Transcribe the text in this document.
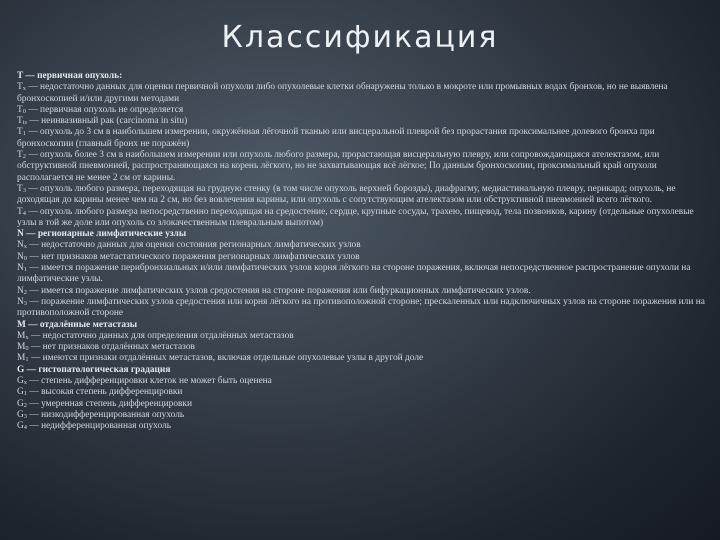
Классификация
T — первичная опухоль:
$T_x$ — недостаточно данных для оценки первичной опухоли либо опухолевые клетки обнаружены только в мокроте или промывных водах бронхов, но не выявлена бронхоскопией и/или другими методами
$T_0$ — первичная опухоль не определяется
$T_{is}$ — неинвазивный рак (carcinoma in situ)
$T_1$ — опухоль до 3 см в наибольшем измерении, окружённая лёгочной тканью или висцеральной плеврой без прорастания проксимальнее долевого бронха при бронхоскопии (главный бронх не поражён)
$T_2$ — опухоль более 3 см в наибольшем измерении или опухоль любого размера, прорастающая висцеральную плевру, или сопровождающаяся ателектазом, или обструктивной пневмонией, распространяющаяся на корень лёгкого, но не захватывающая всё лёгкое; По данным бронхоскопии, проксимальный край опухоли располагается не менее 2 см от карины.
$T_3$ — опухоль любого размера, переходящая на грудную стенку (в том числе опухоль верхней борозды), диафрагму, медиастинальную плевру, перикард; опухоль, не доходящая до карины менее чем на 2 см, но без вовлечения карины, или опухоль с сопутствующим ателектазом или обструктивной пневмонией всего лёгкого.
$T_4$ — опухоль любого размера непосредственно переходящая на средостение, сердце, крупные сосуды, трахею, пищевод, тела позвонков, карину (отдельные опухолевые узлы в той же доле или опухоль со злокачественным плевральным выпотом)
N — регионарные лимфатические узлы
$N_x$ — недостаточно данных для оценки состояния регионарных лимфатических узлов
$N_0$ — нет признаков метастатического поражения регионарных лимфатических узлов
$N_1$ — имеется поражение перибронхиальных и/или лимфатических узлов корня лёгкого на стороне поражения, включая непосредственное распространение опухоли на лимфатические узлы.
$N_2$ — имеется поражение лимфатических узлов средостения на стороне поражения или бифуркационных лимфатических узлов.
$N_3$ — поражение лимфатических узлов средостения или корня лёгкого на противоположной стороне; прескаленных или надключичных узлов на стороне поражения или на противоположной стороне
M — отдалённые метастазы
$M_x$ — недостаточно данных для определения отдалённых метастазов
$M_0$ — нет признаков отдалённых метастазов
$M_1$ — имеются признаки отдалённых метастазов, включая отдельные опухолевые узлы в другой доле
G — гистопатологическая градация
$G_x$ — степень дифференцировки клеток не может быть оценена
$G_1$ — высокая степень дифференцировки
$G_2$ — умеренная степень дифференцировки
$G_3$ — низкодифференцированная опухоль
$G_4$ — недифференцированная опухоль
